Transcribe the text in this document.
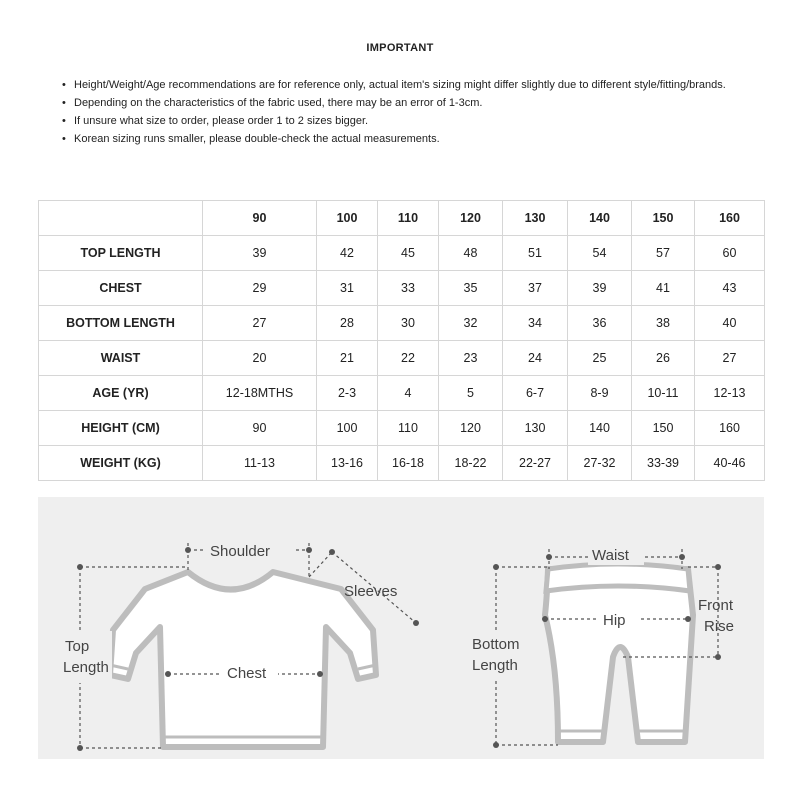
IMPORTANT
• Height/Weight/Age recommendations are for reference only, actual item's sizing might differ slightly due to different style/fitting/brands.
• Depending on the characteristics of the fabric used, there may be an error of 1-3cm.
• If unsure what size to order, please order 1 to 2 sizes bigger.
• Korean sizing runs smaller, please double-check the actual measurements.
	90	100	110	120	130	140	150	160
TOP LENGTH	39	42	45	48	51	54	57	60
CHEST	29	31	33	35	37	39	41	43
BOTTOM LENGTH	27	28	30	32	34	36	38	40
WAIST	20	21	22	23	24	25	26	27
AGE (YR)	12-18MTHS	2-3	4	5	6-7	8-9	10-11	12-13
HEIGHT (CM)	90	100	110	120	130	140	150	160
WEIGHT (KG)	11-13	13-16	16-18	18-22	22-27	27-32	33-39	40-46
Shoulder
Sleeves
Top
Length	Chest
Waist
Hip
Front
Rise
Bottom
Length
